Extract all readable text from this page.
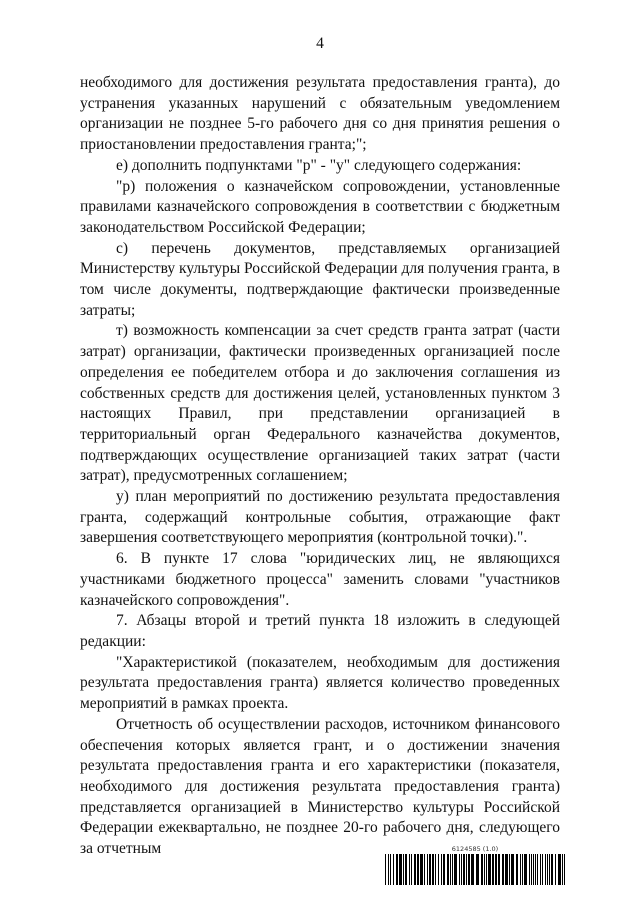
4

необходимого для достижения результата предоставления гранта), до устранения указанных нарушений с обязательным уведомлением организации не позднее 5-го рабочего дня со дня принятия решения о приостановлении предоставления гранта;";

е) дополнить подпунктами "р" - "у" следующего содержания:

"р) положения о казначейском сопровождении, установленные правилами казначейского сопровождения в соответствии с бюджетным законодательством Российской Федерации;

с) перечень документов, представляемых организацией Министерству культуры Российской Федерации для получения гранта, в том числе документы, подтверждающие фактически произведенные затраты;

т) возможность компенсации за счет средств гранта затрат (части затрат) организации, фактически произведенных организацией после определения ее победителем отбора и до заключения соглашения из собственных средств для достижения целей, установленных пунктом 3 настоящих Правил, при представлении организацией в территориальный орган Федерального казначейства документов, подтверждающих осуществление организацией таких затрат (части затрат), предусмотренных соглашением;

у) план мероприятий по достижению результата предоставления гранта, содержащий контрольные события, отражающие факт завершения соответствующего мероприятия (контрольной точки).".

6. В пункте 17 слова "юридических лиц, не являющихся участниками бюджетного процесса" заменить словами "участников казначейского сопровождения".

7. Абзацы второй и третий пункта 18 изложить в следующей редакции:

"Характеристикой (показателем, необходимым для достижения результата предоставления гранта) является количество проведенных мероприятий в рамках проекта.

Отчетность об осуществлении расходов, источником финансового обеспечения которых является грант, и о достижении значения результата предоставления гранта и его характеристики (показателя, необходимого для достижения результата предоставления гранта) представляется организацией в Министерство культуры Российской Федерации ежеквартально, не позднее 20-го рабочего дня, следующего за отчетным	6124585 (1.0)
